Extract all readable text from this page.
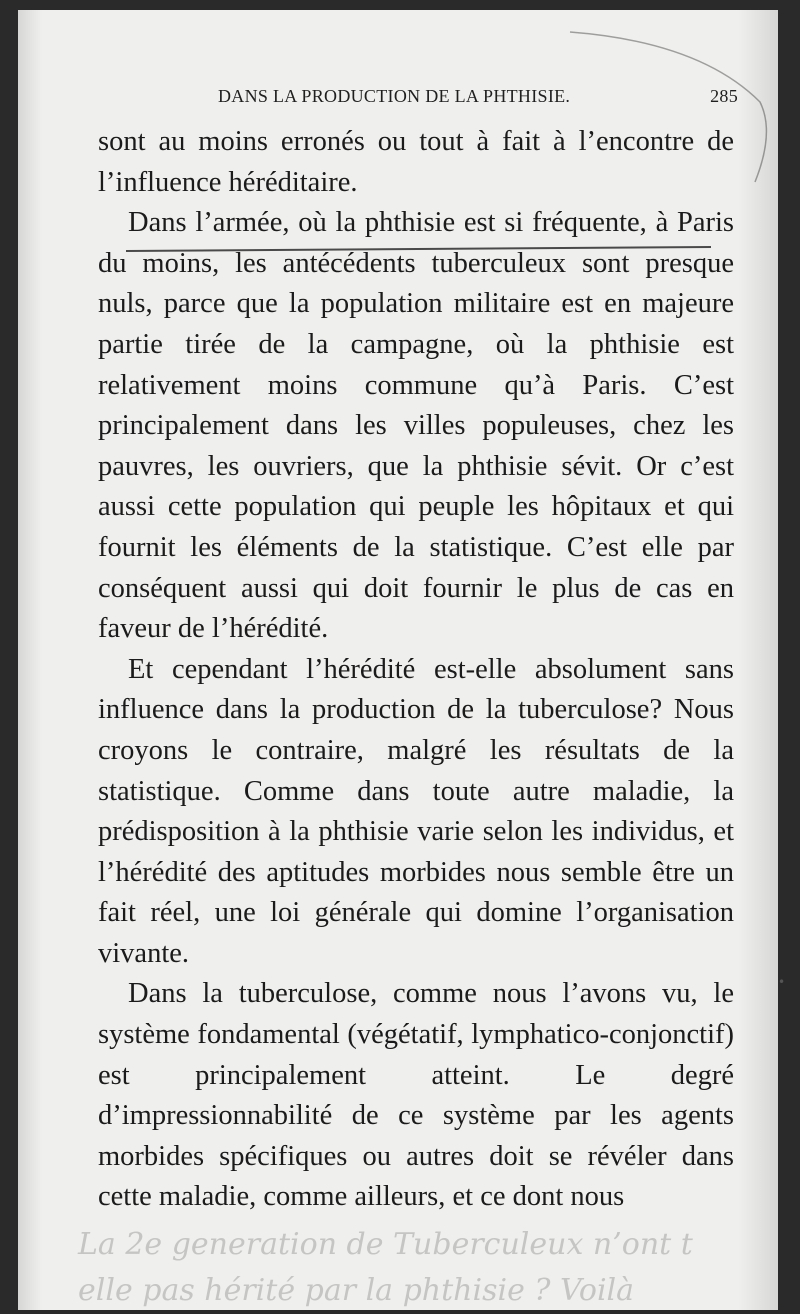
DANS LA PRODUCTION DE LA PHTHISIE.	285

sont au moins erronés ou tout à fait à l’encontre de l’influence héréditaire.

Dans l’armée, où la phthisie est si fréquente, à Paris du moins, les antécédents tuberculeux sont presque nuls, parce que la population militaire est en majeure partie tirée de la campagne, où la phthisie est relativement moins commune qu’à Paris. C’est principalement dans les villes populeuses, chez les pauvres, les ouvriers, que la phthisie sévit. Or c’est aussi cette population qui peuple les hôpitaux et qui fournit les éléments de la statistique. C’est elle par conséquent aussi qui doit fournir le plus de cas en faveur de l’hérédité.

Et cependant l’hérédité est-elle absolument sans influence dans la production de la tuberculose? Nous croyons le contraire, malgré les résultats de la statistique. Comme dans toute autre maladie, la prédisposition à la phthisie varie selon les individus, et l’hérédité des aptitudes morbides nous semble être un fait réel, une loi générale qui domine l’organisation vivante.

Dans la tuberculose, comme nous l’avons vu, le système fondamental (végétatif, lymphatico-conjonctif) est principalement atteint. Le degré d’impressionnabilité de ce système par les agents morbides spécifiques ou autres doit se révéler dans cette maladie, comme ailleurs, et ce dont nous

•
La 2e generation de Tuberculeux n’ont t
elle pas hérité par la phthisie ? Voilà
